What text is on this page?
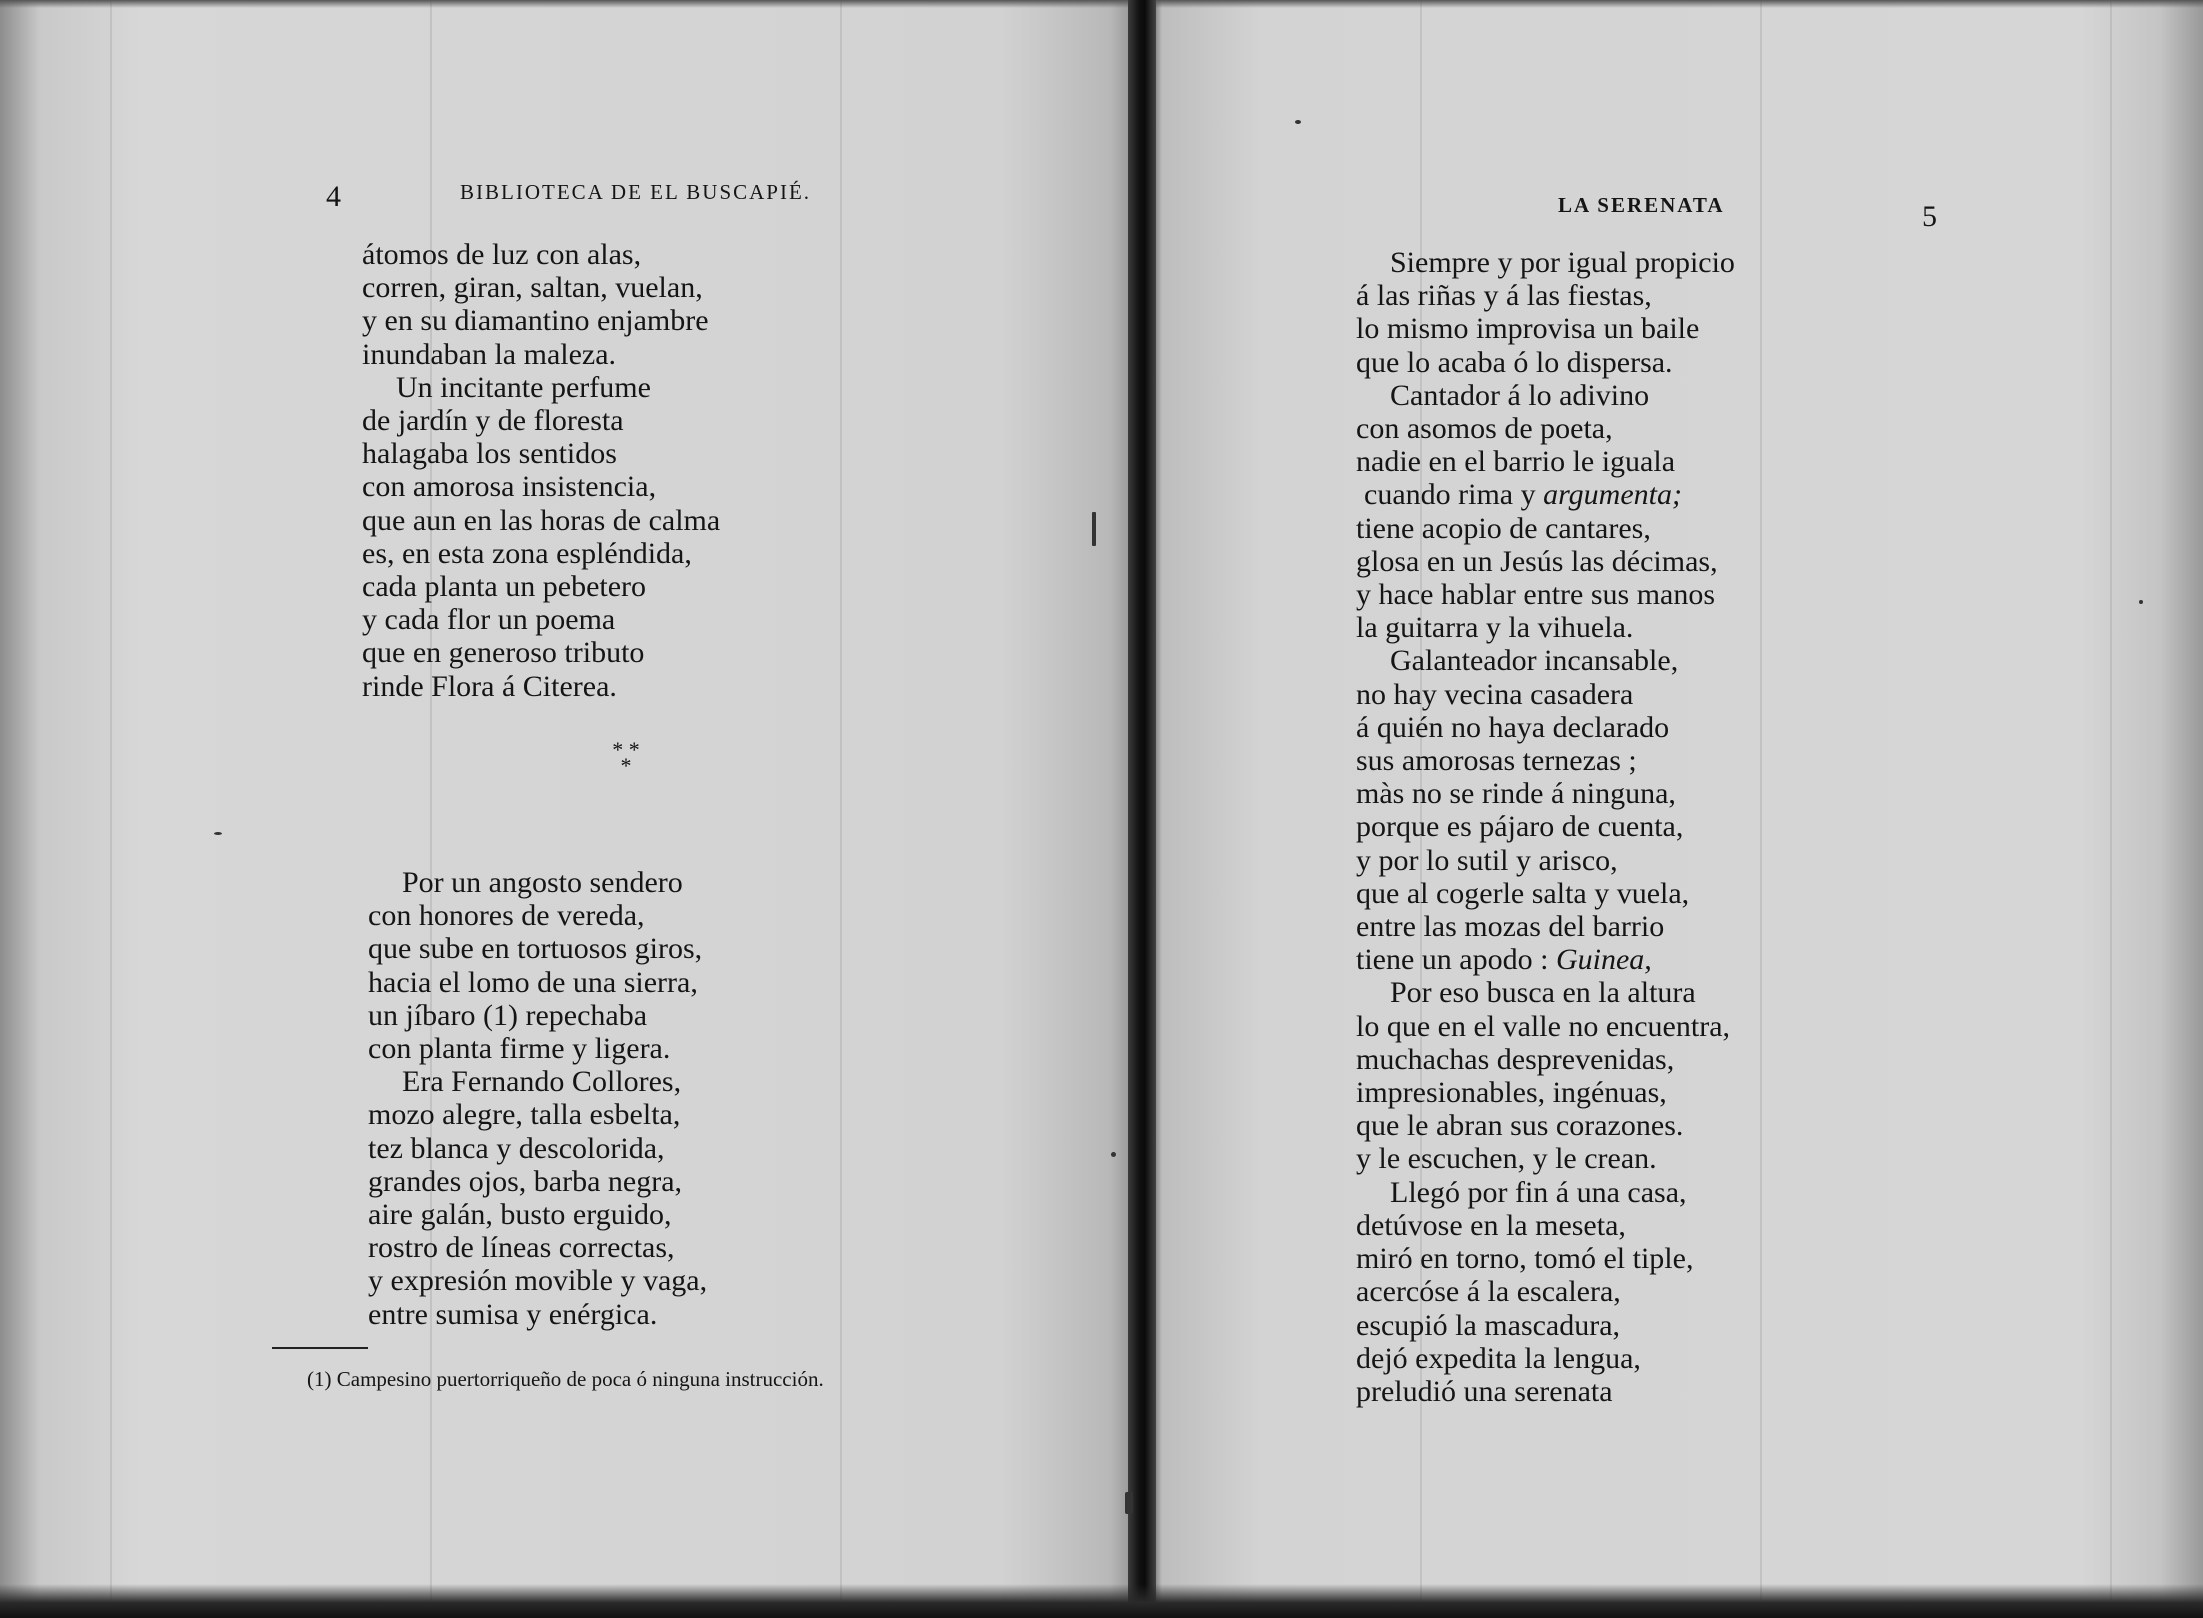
4	BIBLIOTECA DE EL BUSCAPIÉ.
átomos de luz con alas,
corren, giran, saltan, vuelan,
y en su diamantino enjambre
inundaban la maleza.
Un incitante perfume
de jardín y de floresta
halagaba los sentidos
con amorosa insistencia,
que aun en las horas de calma
es, en esta zona espléndida,
cada planta un pebetero
y cada flor un poema
que en generoso tributo
rinde Flora á Citerea.
* * *
Por un angosto sendero
con honores de vereda,
que sube en tortuosos giros,
hacia el lomo de una sierra,
un jíbaro (1) repechaba
con planta firme y ligera.
Era Fernando Collores,
mozo alegre, talla esbelta,
tez blanca y descolorida,
grandes ojos, barba negra,
aire galán, busto erguido,
rostro de líneas correctas,
y expresión movible y vaga,
entre sumisa y enérgica.
(1) Campesino puertorriqueño de poca ó ninguna instrucción.
LA SERENATA	5
Siempre y por igual propicio
á las riñas y á las fiestas,
lo mismo improvisa un baile
que lo acaba ó lo dispersa.
Cantador á lo adivino
con asomos de poeta,
nadie en el barrio le iguala
cuando rima y argumenta;
tiene acopio de cantares,
glosa en un Jesús las décimas,
y hace hablar entre sus manos
la guitarra y la vihuela.
Galanteador incansable,
no hay vecina casadera
á quién no haya declarado
sus amorosas ternezas ;
màs no se rinde á ninguna,
porque es pájaro de cuenta,
y por lo sutil y arisco,
que al cogerle salta y vuela,
entre las mozas del barrio
tiene un apodo : Guinea,
Por eso busca en la altura
lo que en el valle no encuentra,
muchachas desprevenidas,
impresionables, ingénuas,
que le abran sus corazones.
y le escuchen, y le crean.
Llegó por fin á una casa,
detúvose en la meseta,
miró en torno, tomó el tiple,
acercóse á la escalera,
escupió la mascadura,
dejó expedita la lengua,
preludió una serenata
